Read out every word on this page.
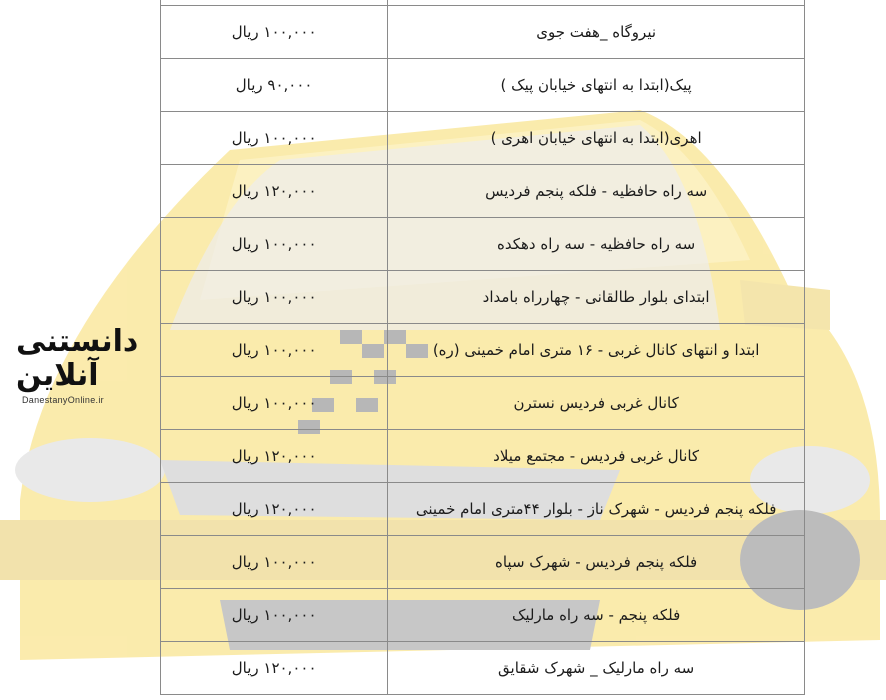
دانستنی آنلاین
DanestanyOnline.ir

نیروگاه _هفت جوی	۱۰۰,۰۰۰ ریال
پیک(ابتدا به انتهای خیابان پیک )	۹۰,۰۰۰ ریال
اهری(ابتدا به انتهای خیابان اهری )	۱۰۰,۰۰۰ ریال
سه راه حافظیه - فلکه پنجم فردیس	۱۲۰,۰۰۰ ریال
سه راه حافظیه - سه راه دهکده	۱۰۰,۰۰۰ ریال
ابتدای بلوار طالقانی - چهارراه بامداد	۱۰۰,۰۰۰ ریال
ابتدا و انتهای کانال غربی - ۱۶ متری امام خمینی (ره)	۱۰۰,۰۰۰ ریال
کانال غربی فردیس نسترن	۱۰۰,۰۰۰ ریال
کانال غربی فردیس - مجتمع میلاد	۱۲۰,۰۰۰ ریال
فلکه پنجم فردیس - شهرک ناز - بلوار ۴۴متری امام خمینی	۱۲۰,۰۰۰ ریال
فلکه پنجم فردیس - شهرک سپاه	۱۰۰,۰۰۰ ریال
فلکه پنجم - سه راه مارلیک	۱۰۰,۰۰۰ ریال
سه راه مارلیک _ شهرک شقایق	۱۲۰,۰۰۰ ریال
